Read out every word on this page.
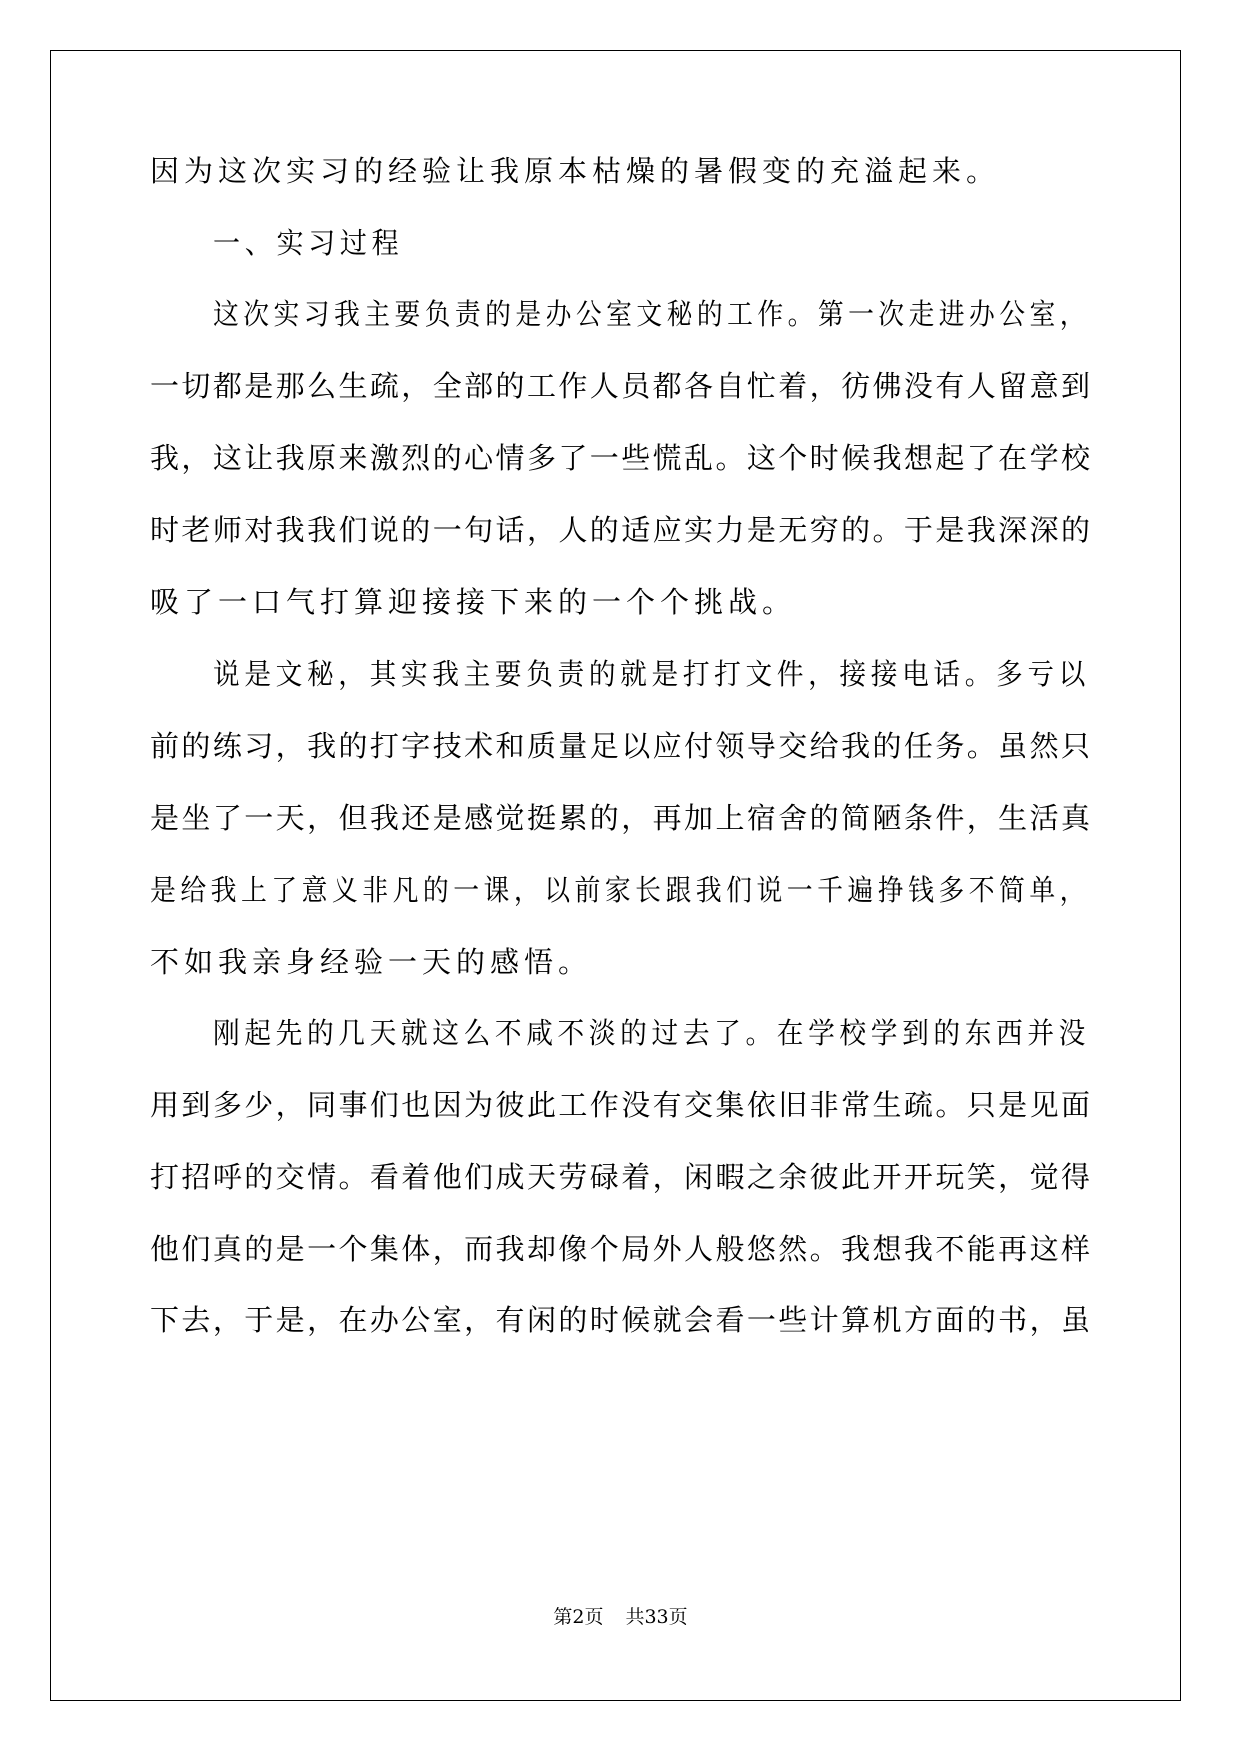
因为这次实习的经验让我原本枯燥的暑假变的充溢起来。
一、实习过程
这次实习我主要负责的是办公室文秘的工作。第一次走进办公室，
一切都是那么生疏，全部的工作人员都各自忙着，彷佛没有人留意到
我，这让我原来激烈的心情多了一些慌乱。这个时候我想起了在学校
时老师对我我们说的一句话，人的适应实力是无穷的。于是我深深的
吸了一口气打算迎接接下来的一个个挑战。
说是文秘，其实我主要负责的就是打打文件，接接电话。多亏以
前的练习，我的打字技术和质量足以应付领导交给我的任务。虽然只
是坐了一天，但我还是感觉挺累的，再加上宿舍的简陋条件，生活真
是给我上了意义非凡的一课，以前家长跟我们说一千遍挣钱多不简单，
不如我亲身经验一天的感悟。
刚起先的几天就这么不咸不淡的过去了。在学校学到的东西并没
用到多少，同事们也因为彼此工作没有交集依旧非常生疏。只是见面
打招呼的交情。看着他们成天劳碌着，闲暇之余彼此开开玩笑，觉得
他们真的是一个集体，而我却像个局外人般悠然。我想我不能再这样
下去，于是，在办公室，有闲的时候就会看一些计算机方面的书，虽
第2页 共33页
